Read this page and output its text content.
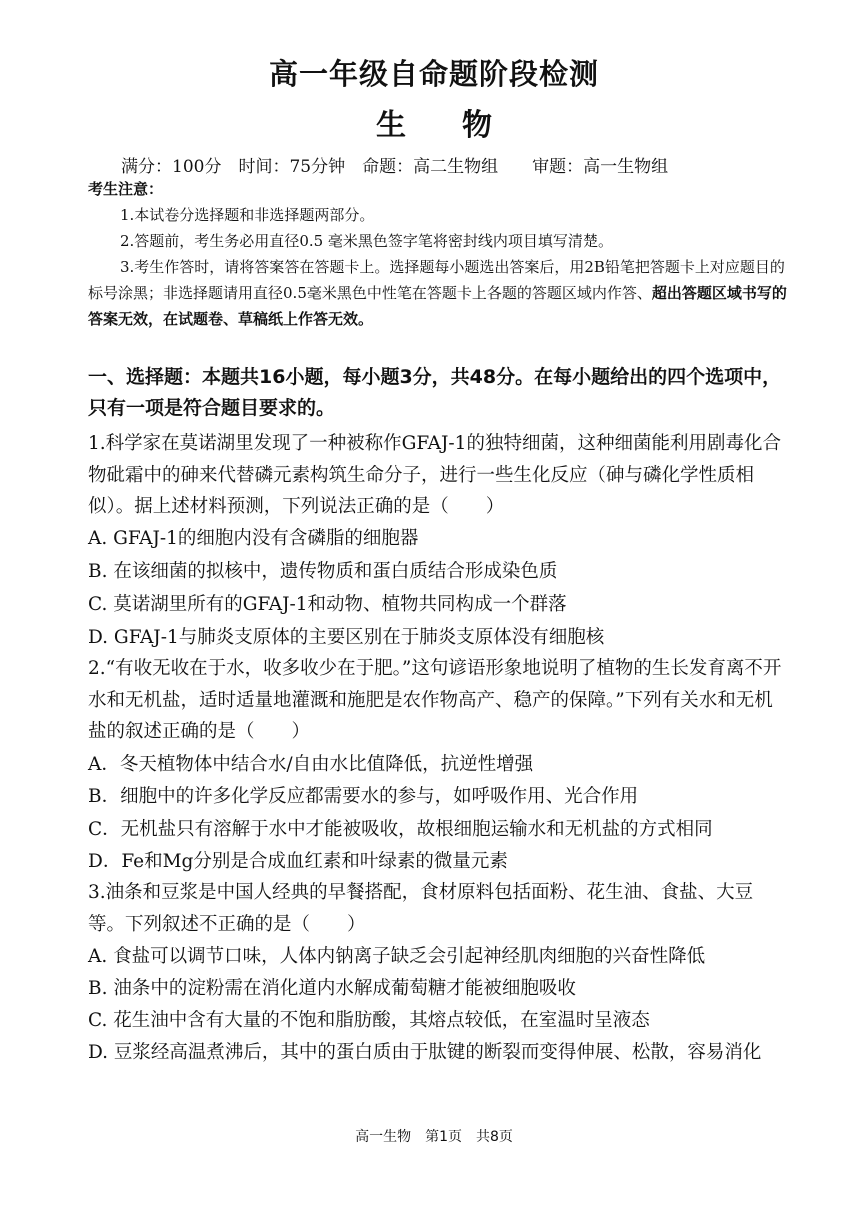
高一年级自命题阶段检测
生 物
满分：100分　时间：75分钟　命题：高二生物组　　审题：高一生物组
考生注意：
1.本试卷分选择题和非选择题两部分。
2.答题前，考生务必用直径0.5 毫米黑色签字笔将密封线内项目填写清楚。
3.考生作答时，请将答案答在答题卡上。选择题每小题选出答案后，用2B铅笔把答题卡上对应题目的标号涂黑；非选择题请用直径0.5毫米黑色中性笔在答题卡上各题的答题区域内作答、超出答题区域书写的答案无效，在试题卷、草稿纸上作答无效。
一、选择题：本题共16小题，每小题3分，共48分。在每小题给出的四个选项中，只有一项是符合题目要求的。
1.科学家在莫诺湖里发现了一种被称作GFAJ-1的独特细菌，这种细菌能利用剧毒化合物砒霜中的砷来代替磷元素构筑生命分子，进行一些生化反应（砷与磷化学性质相似）。据上述材料预测，下列说法正确的是（　　）
A. GFAJ-1的细胞内没有含磷脂的细胞器
B. 在该细菌的拟核中，遗传物质和蛋白质结合形成染色质
C. 莫诺湖里所有的GFAJ-1和动物、植物共同构成一个群落
D. GFAJ-1与肺炎支原体的主要区别在于肺炎支原体没有细胞核
2.“有收无收在于水，收多收少在于肥。”这句谚语形象地说明了植物的生长发育离不开水和无机盐，适时适量地灌溉和施肥是农作物高产、稳产的保障。”下列有关水和无机盐的叙述正确的是（　　）
A．冬天植物体中结合水/自由水比值降低，抗逆性增强
B．细胞中的许多化学反应都需要水的参与，如呼吸作用、光合作用
C．无机盐只有溶解于水中才能被吸收，故根细胞运输水和无机盐的方式相同
D．Fe和Mg分别是合成血红素和叶绿素的微量元素
3.油条和豆浆是中国人经典的早餐搭配，食材原料包括面粉、花生油、食盐、大豆等。下列叙述不正确的是（　　）
A. 食盐可以调节口味，人体内钠离子缺乏会引起神经肌肉细胞的兴奋性降低
B. 油条中的淀粉需在消化道内水解成葡萄糖才能被细胞吸收
C. 花生油中含有大量的不饱和脂肪酸，其熔点较低，在室温时呈液态
D. 豆浆经高温煮沸后，其中的蛋白质由于肽键的断裂而变得伸展、松散，容易消化
高一生物　第1页　共8页
